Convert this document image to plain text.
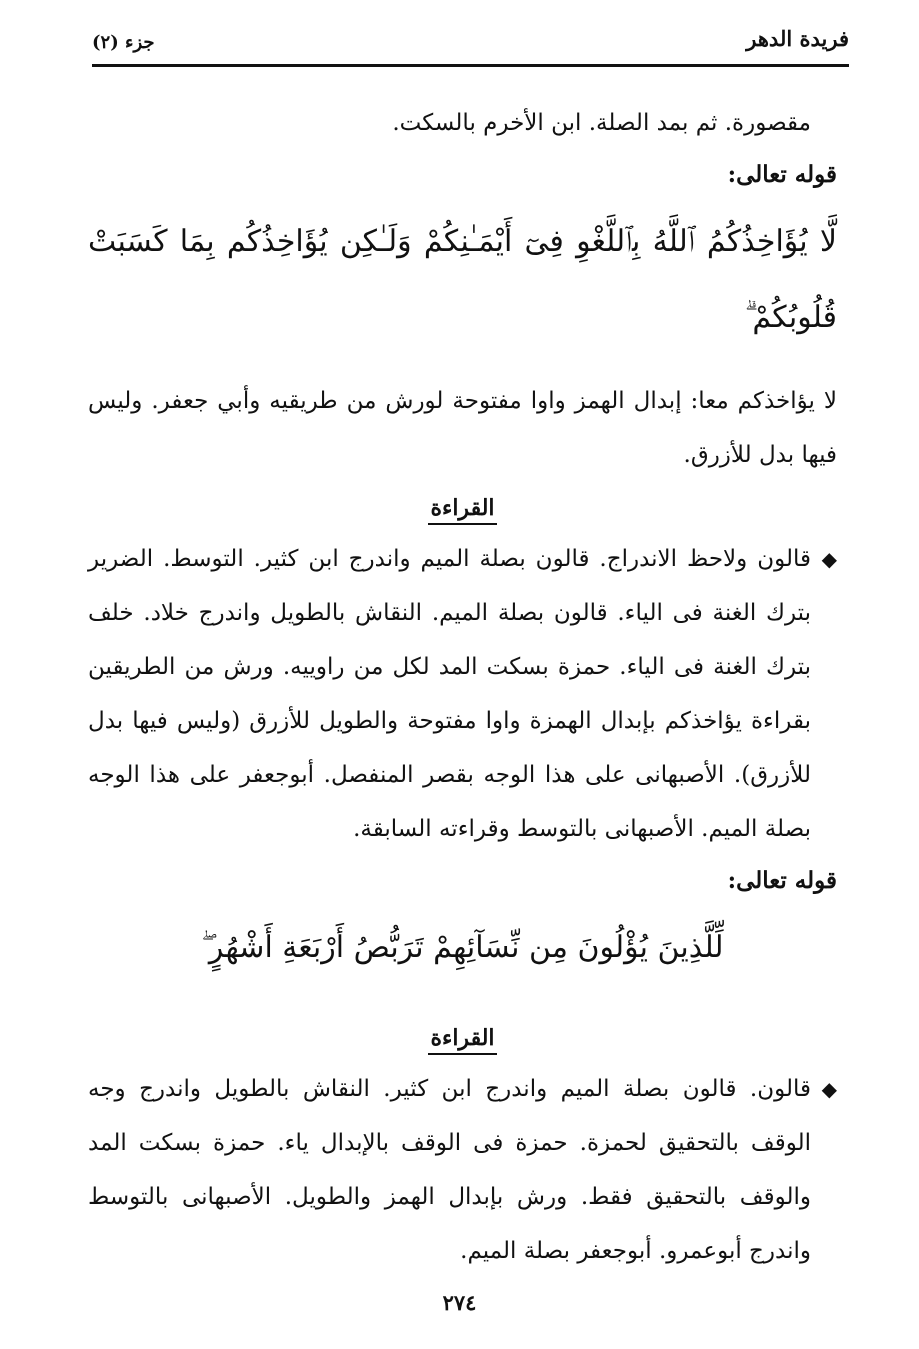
فريدة الدهر
جزء (٢)

مقصورة. ثم بمد الصلة. ابن الأخرم بالسكت.

قوله تعالى:

لَّا يُؤَاخِذُكُمُ ٱللَّهُ بِٱللَّغْوِ فِىٓ أَيْمَـٰنِكُمْ وَلَـٰكِن يُؤَاخِذُكُم بِمَا كَسَبَتْ قُلُوبُكُمْ ۗ

لا يؤاخذكم معا: إبدال الهمز واوا مفتوحة لورش من طريقيه وأبي جعفر. وليس فيها بدل للأزرق.

القراءة

◆

قالون ولاحظ الاندراج. قالون بصلة الميم واندرج ابن كثير. التوسط. الضرير بترك الغنة فى الياء. قالون بصلة الميم. النقاش بالطويل واندرج خلاد. خلف بترك الغنة فى الياء. حمزة بسكت المد لكل من راوييه. ورش من الطريقين بقراءة يؤاخذكم بإبدال الهمزة واوا مفتوحة والطويل للأزرق (وليس فيها بدل للأزرق). الأصبهانى على هذا الوجه بقصر المنفصل. أبوجعفر على هذا الوجه بصلة الميم. الأصبهانى بالتوسط وقراءته السابقة.

قوله تعالى:

لِّلَّذِينَ يُؤْلُونَ مِن نِّسَآئِهِمْ تَرَبُّصُ أَرْبَعَةِ أَشْهُرٍ ۖ

القراءة

◆

قالون. قالون بصلة الميم واندرج ابن كثير. النقاش بالطويل واندرج وجه الوقف بالتحقيق لحمزة. حمزة فى الوقف بالإبدال ياء. حمزة بسكت المد والوقف بالتحقيق فقط. ورش بإبدال الهمز والطويل. الأصبهانى بالتوسط واندرج أبوعمرو. أبوجعفر بصلة الميم.

٢٧٤
